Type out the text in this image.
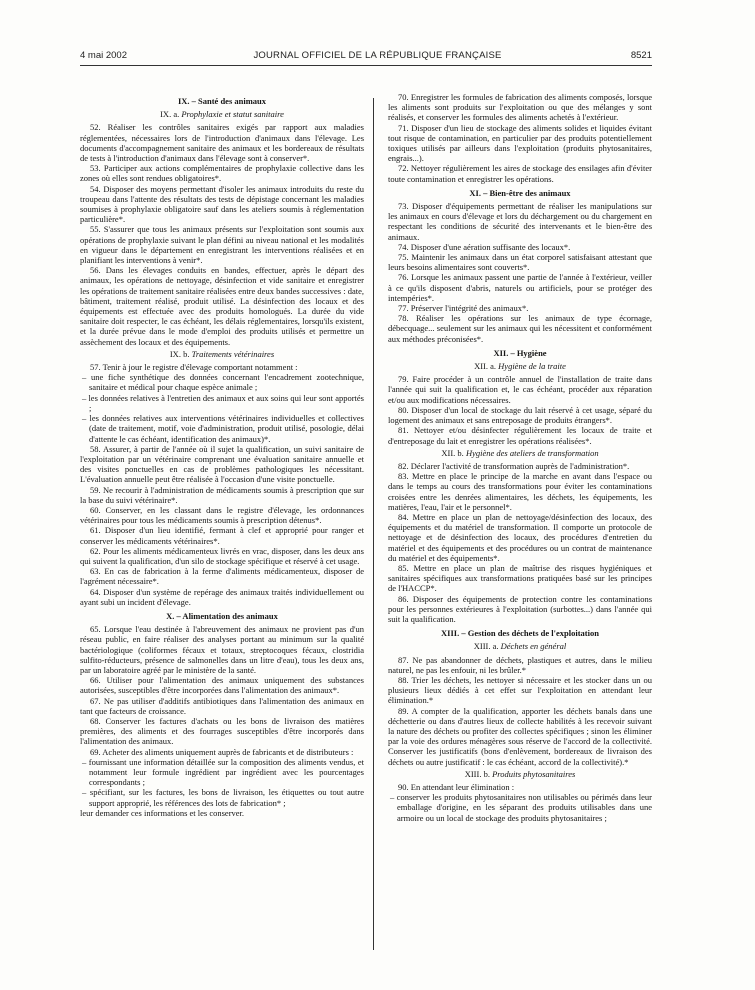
4 mai 2002	JOURNAL OFFICIEL DE LA RÉPUBLIQUE FRANÇAISE	8521
IX. – Santé des animaux
IX. a. Prophylaxie et statut sanitaire

52. Réaliser les contrôles sanitaires exigés par rapport aux maladies réglementées, nécessaires lors de l'introduction d'animaux dans l'élevage. Les documents d'accompagnement sanitaire des animaux et les bordereaux de résultats de tests à l'introduction d'animaux dans l'élevage sont à conserver*.

53. Participer aux actions complémentaires de prophylaxie collective dans les zones où elles sont rendues obligatoires*.

54. Disposer des moyens permettant d'isoler les animaux introduits du reste du troupeau dans l'attente des résultats des tests de dépistage concernant les maladies soumises à prophylaxie obligatoire sauf dans les ateliers soumis à réglementation particulière*.

55. S'assurer que tous les animaux présents sur l'exploitation sont soumis aux opérations de prophylaxie suivant le plan défini au niveau national et les modalités en vigueur dans le département en enregistrant les interventions réalisées et en planifiant les interventions à venir*.

56. Dans les élevages conduits en bandes, effectuer, après le départ des animaux, les opérations de nettoyage, désinfection et vide sanitaire et enregistrer les opérations de traitement sanitaire réalisées entre deux bandes successives : date, bâtiment, traitement réalisé, produit utilisé. La désinfection des locaux et des équipements est effectuée avec des produits homologués. La durée du vide sanitaire doit respecter, le cas échéant, les délais réglementaires, lorsqu'ils existent, et la durée prévue dans le mode d'emploi des produits utilisés et permettre un assèchement des locaux et des équipements.

IX. b. Traitements vétérinaires

57. Tenir à jour le registre d'élevage comportant notamment :

– une fiche synthétique des données concernant l'encadrement zootechnique, sanitaire et médical pour chaque espèce animale ;

– les données relatives à l'entretien des animaux et aux soins qui leur sont apportés ;

– les données relatives aux interventions vétérinaires individuelles et collectives (date de traitement, motif, voie d'administration, produit utilisé, posologie, délai d'attente le cas échéant, identification des animaux)*.

58. Assurer, à partir de l'année où il sujet la qualification, un suivi sanitaire de l'exploitation par un vétérinaire comprenant une évaluation sanitaire annuelle et des visites ponctuelles en cas de problèmes pathologiques les nécessitant. L'évaluation annuelle peut être réalisée à l'occasion d'une visite ponctuelle.

59. Ne recourir à l'administration de médicaments soumis à prescription que sur la base du suivi vétérinaire*.

60. Conserver, en les classant dans le registre d'élevage, les ordonnances vétérinaires pour tous les médicaments soumis à prescription détenus*.

61. Disposer d'un lieu identifié, fermant à clef et approprié pour ranger et conserver les médicaments vétérinaires*.

62. Pour les aliments médicamenteux livrés en vrac, disposer, dans les deux ans qui suivent la qualification, d'un silo de stockage spécifique et réservé à cet usage.

63. En cas de fabrication à la ferme d'aliments médicamenteux, disposer de l'agrément nécessaire*.

64. Disposer d'un système de repérage des animaux traités individuellement ou ayant subi un incident d'élevage.

X. – Alimentation des animaux

65. Lorsque l'eau destinée à l'abreuvement des animaux ne provient pas d'un réseau public, en faire réaliser des analyses portant au minimum sur la qualité bactériologique (coliformes fécaux et totaux, streptocoques fécaux, clostridia sulfito-réducteurs, présence de salmonelles dans un litre d'eau), tous les deux ans, par un laboratoire agréé par le ministère de la santé.

66. Utiliser pour l'alimentation des animaux uniquement des substances autorisées, susceptibles d'être incorporées dans l'alimentation des animaux*.

67. Ne pas utiliser d'additifs antibiotiques dans l'alimentation des animaux en tant que facteurs de croissance.

68. Conserver les factures d'achats ou les bons de livraison des matières premières, des aliments et des fourrages susceptibles d'être incorporés dans l'alimentation des animaux.

69. Acheter des aliments uniquement auprès de fabricants et de distributeurs :

– fournissant une information détaillée sur la composition des aliments vendus, et notamment leur formule ingrédient par ingrédient avec les pourcentages correspondants ;

– spécifiant, sur les factures, les bons de livraison, les étiquettes ou tout autre support approprié, les références des lots de fabrication* ;

leur demander ces informations et les conserver.

70. Enregistrer les formules de fabrication des aliments composés, lorsque les aliments sont produits sur l'exploitation ou que des mélanges y sont réalisés, et conserver les formules des aliments achetés à l'extérieur.

71. Disposer d'un lieu de stockage des aliments solides et liquides évitant tout risque de contamination, en particulier par des produits potentiellement toxiques utilisés par ailleurs dans l'exploitation (produits phytosanitaires, engrais...).

72. Nettoyer régulièrement les aires de stockage des ensilages afin d'éviter toute contamination et enregistrer les opérations.

XI. – Bien-être des animaux

73. Disposer d'équipements permettant de réaliser les manipulations sur les animaux en cours d'élevage et lors du déchargement ou du chargement en respectant les conditions de sécurité des intervenants et le bien-être des animaux.

74. Disposer d'une aération suffisante des locaux*.

75. Maintenir les animaux dans un état corporel satisfaisant attestant que leurs besoins alimentaires sont couverts*.

76. Lorsque les animaux passent une partie de l'année à l'extérieur, veiller à ce qu'ils disposent d'abris, naturels ou artificiels, pour se protéger des intempéries*.

77. Préserver l'intégrité des animaux*.

78. Réaliser les opérations sur les animaux de type écornage, débecquage... seulement sur les animaux qui les nécessitent et conformément aux méthodes préconisées*.

XII. – Hygiène
XII. a. Hygiène de la traite

79. Faire procéder à un contrôle annuel de l'installation de traite dans l'année qui suit la qualification et, le cas échéant, procéder aux réparation et/ou aux modifications nécessaires.

80. Disposer d'un local de stockage du lait réservé à cet usage, séparé du logement des animaux et sans entreposage de produits étrangers*.

81. Nettoyer et/ou désinfecter régulièrement les locaux de traite et d'entreposage du lait et enregistrer les opérations réalisées*.

XII. b. Hygiène des ateliers de transformation

82. Déclarer l'activité de transformation auprès de l'administration*.

83. Mettre en place le principe de la marche en avant dans l'espace ou dans le temps au cours des transformations pour éviter les contaminations croisées entre les denrées alimentaires, les déchets, les équipements, les matières, l'eau, l'air et le personnel*.

84. Mettre en place un plan de nettoyage/désinfection des locaux, des équipements et du matériel de transformation. Il comporte un protocole de nettoyage et de désinfection des locaux, des procédures d'entretien du matériel et des équipements et des procédures ou un contrat de maintenance du matériel et des équipements*.

85. Mettre en place un plan de maîtrise des risques hygiéniques et sanitaires spécifiques aux transformations pratiquées basé sur les principes de l'HACCP*.

86. Disposer des équipements de protection contre les contaminations pour les personnes extérieures à l'exploitation (surbottes...) dans l'année qui suit la qualification.

XIII. – Gestion des déchets de l'exploitation
XIII. a. Déchets en général

87. Ne pas abandonner de déchets, plastiques et autres, dans le milieu naturel, ne pas les enfouir, ni les brûler.*

88. Trier les déchets, les nettoyer si nécessaire et les stocker dans un ou plusieurs lieux dédiés à cet effet sur l'exploitation en attendant leur élimination.*

89. A compter de la qualification, apporter les déchets banals dans une déchetterie ou dans d'autres lieux de collecte habilités à les recevoir suivant la nature des déchets ou profiter des collectes spécifiques ; sinon les éliminer par la voie des ordures ménagères sous réserve de l'accord de la collectivité. Conserver les justificatifs (bons d'enlèvement, bordereaux de livraison des déchets ou autre justificatif : le cas échéant, accord de la collectivité).*

XIII. b. Produits phytosanitaires

90. En attendant leur élimination :

– conserver les produits phytosanitaires non utilisables ou périmés dans leur emballage d'origine, en les séparant des produits utilisables dans une armoire ou un local de stockage des produits phytosanitaires ;
